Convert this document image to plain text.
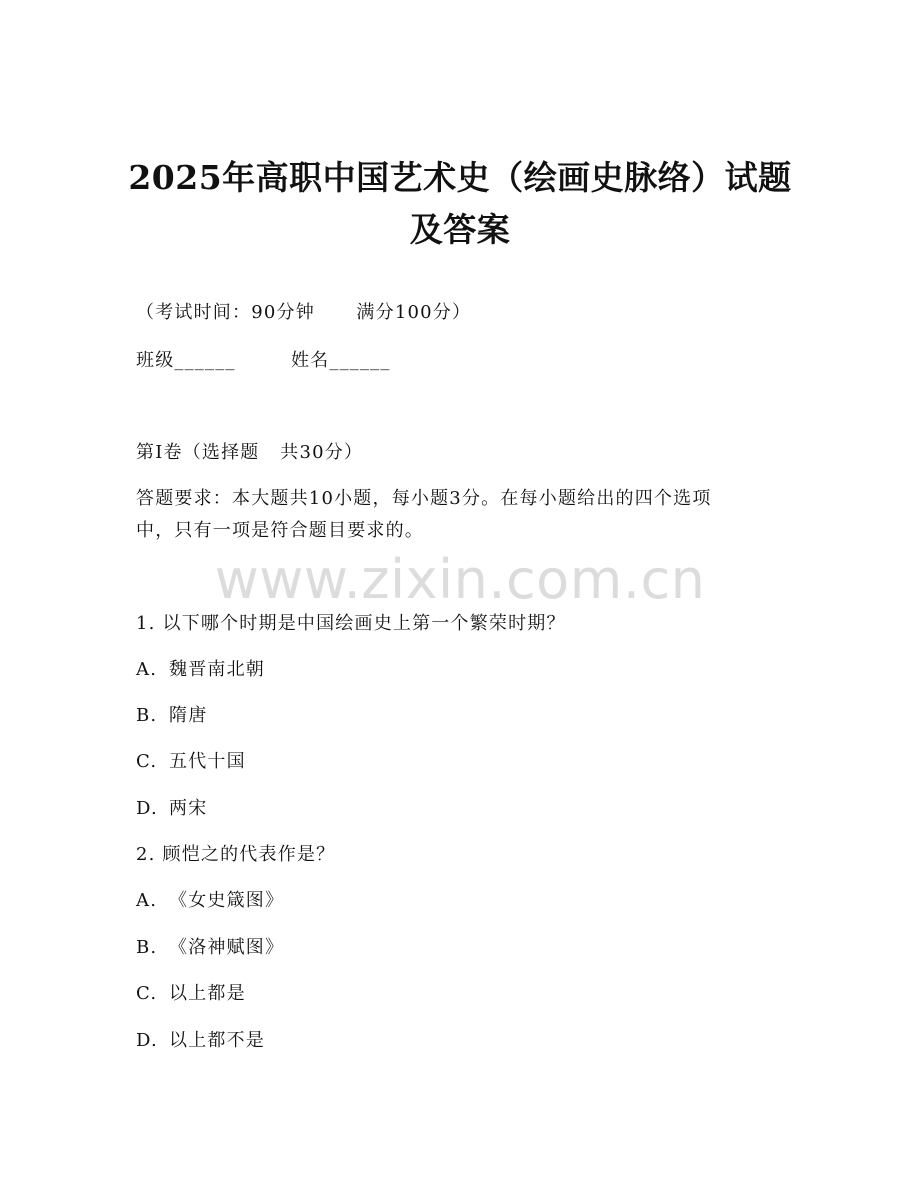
2025年高职中国艺术史（绘画史脉络）试题
及答案

（考试时间：90分钟      满分100分）

班级______        姓名______

第I卷（选择题   共30分）

答题要求：本大题共10小题，每小题3分。在每小题给出的四个选项

中，只有一项是符合题目要求的。

www.zixin.com.cn

1. 以下哪个时期是中国绘画史上第一个繁荣时期？

A. 魏晋南北朝

B. 隋唐

C. 五代十国

D. 两宋

2. 顾恺之的代表作是？

A. 《女史箴图》

B. 《洛神赋图》

C. 以上都是

D. 以上都不是
